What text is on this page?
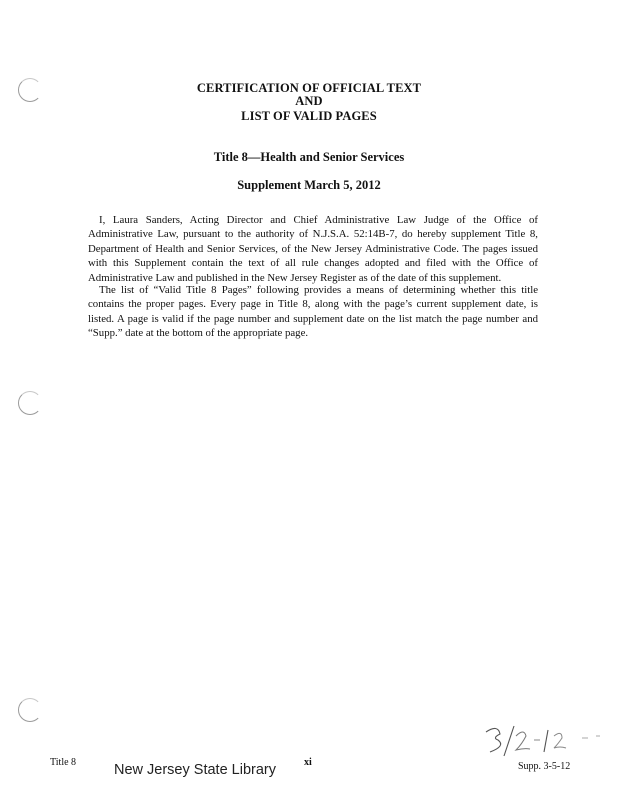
CERTIFICATION OF OFFICIAL TEXT
AND
LIST OF VALID PAGES
Title 8—Health and Senior Services
Supplement March 5, 2012

I, Laura Sanders, Acting Director and Chief Administrative Law Judge of the Office of Administrative Law, pursuant to the authority of N.J.S.A. 52:14B-7, do hereby supplement Title 8, Department of Health and Senior Services, of the New Jersey Administrative Code. The pages issued with this Supplement contain the text of all rule changes adopted and filed with the Office of Administrative Law and published in the New Jersey Register as of the date of this supplement.

The list of “Valid Title 8 Pages” following provides a means of determining whether this title contains the proper pages. Every page in Title 8, along with the page’s current supplement date, is listed. A page is valid if the page number and supplement date on the list match the page number and “Supp.” date at the bottom of the appropriate page.

Title 8	xi	Supp. 3-5-12
New Jersey State Library
